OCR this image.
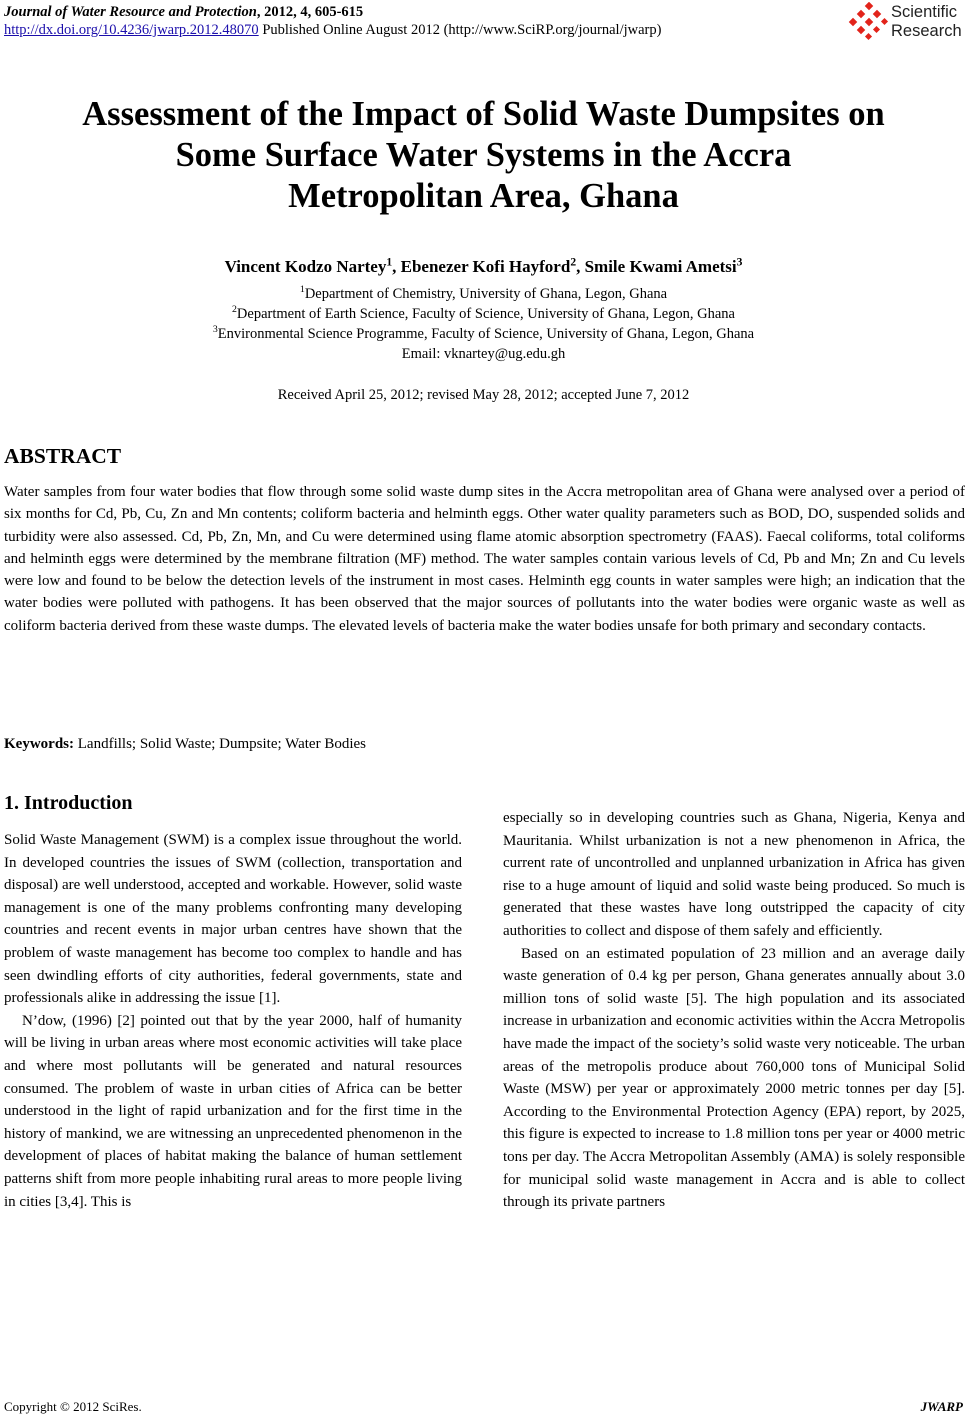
Journal of Water Resource and Protection, 2012, 4, 605-615
http://dx.doi.org/10.4236/jwarp.2012.48070 Published Online August 2012 (http://www.SciRP.org/journal/jwarp)
Scientific
Research
Assessment of the Impact of Solid Waste Dumpsites on
Some Surface Water Systems in the Accra
Metropolitan Area, Ghana
Vincent Kodzo Nartey$^1$, Ebenezer Kofi Hayford$^2$, Smile Kwami Ametsi$^3$
$^1$Department of Chemistry, University of Ghana, Legon, Ghana
$^2$Department of Earth Science, Faculty of Science, University of Ghana, Legon, Ghana
$^3$Environmental Science Programme, Faculty of Science, University of Ghana, Legon, Ghana
Email: vknartey@ug.edu.gh
Received April 25, 2012; revised May 28, 2012; accepted June 7, 2012
ABSTRACT
Water samples from four water bodies that flow through some solid waste dump sites in the Accra metropolitan area of Ghana were analysed over a period of six months for Cd, Pb, Cu, Zn and Mn contents; coliform bacteria and helminth eggs. Other water quality parameters such as BOD, DO, suspended solids and turbidity were also assessed. Cd, Pb, Zn, Mn, and Cu were determined using flame atomic absorption spectrometry (FAAS). Faecal coliforms, total coliforms and helminth eggs were determined by the membrane filtration (MF) method. The water samples contain various levels of Cd, Pb and Mn; Zn and Cu levels were low and found to be below the detection levels of the instrument in most cases. Helminth egg counts in water samples were high; an indication that the water bodies were polluted with pathogens. It has been observed that the major sources of pollutants into the water bodies were organic waste as well as coliform bacteria derived from these waste dumps. The elevated levels of bacteria make the water bodies unsafe for both primary and secondary contacts.
Keywords: Landfills; Solid Waste; Dumpsite; Water Bodies
1. Introduction

Solid Waste Management (SWM) is a complex issue throughout the world. In developed countries the issues of SWM (collection, transportation and disposal) are well understood, accepted and workable. However, solid waste management is one of the many problems confronting many developing countries and recent events in major urban centres have shown that the problem of waste management has become too complex to handle and has seen dwindling efforts of city authorities, federal governments, state and professionals alike in addressing the issue [1].

N’dow, (1996) [2] pointed out that by the year 2000, half of humanity will be living in urban areas where most economic activities will take place and where most pollutants will be generated and natural resources consumed. The problem of waste in urban cities of Africa can be better understood in the light of rapid urbanization and for the first time in the history of mankind, we are witnessing an unprecedented phenomenon in the development of places of habitat making the balance of human settlement patterns shift from more people inhabiting rural areas to more people living in cities [3,4]. This is

especially so in developing countries such as Ghana, Nigeria, Kenya and Mauritania. Whilst urbanization is not a new phenomenon in Africa, the current rate of uncontrolled and unplanned urbanization in Africa has given rise to a huge amount of liquid and solid waste being produced. So much is generated that these wastes have long outstripped the capacity of city authorities to collect and dispose of them safely and efficiently.

Based on an estimated population of 23 million and an average daily waste generation of 0.4 kg per person, Ghana generates annually about 3.0 million tons of solid waste [5]. The high population and its associated increase in urbanization and economic activities within the Accra Metropolis have made the impact of the society’s solid waste very noticeable. The urban areas of the metropolis produce about 760,000 tons of Municipal Solid Waste (MSW) per year or approximately 2000 metric tonnes per day [5]. According to the Environmental Protection Agency (EPA) report, by 2025, this figure is expected to increase to 1.8 million tons per year or 4000 metric tons per day. The Accra Metropolitan Assembly (AMA) is solely responsible for municipal solid waste management in Accra and is able to collect through its private partners

Copyright © 2012 SciRes.	JWARP
